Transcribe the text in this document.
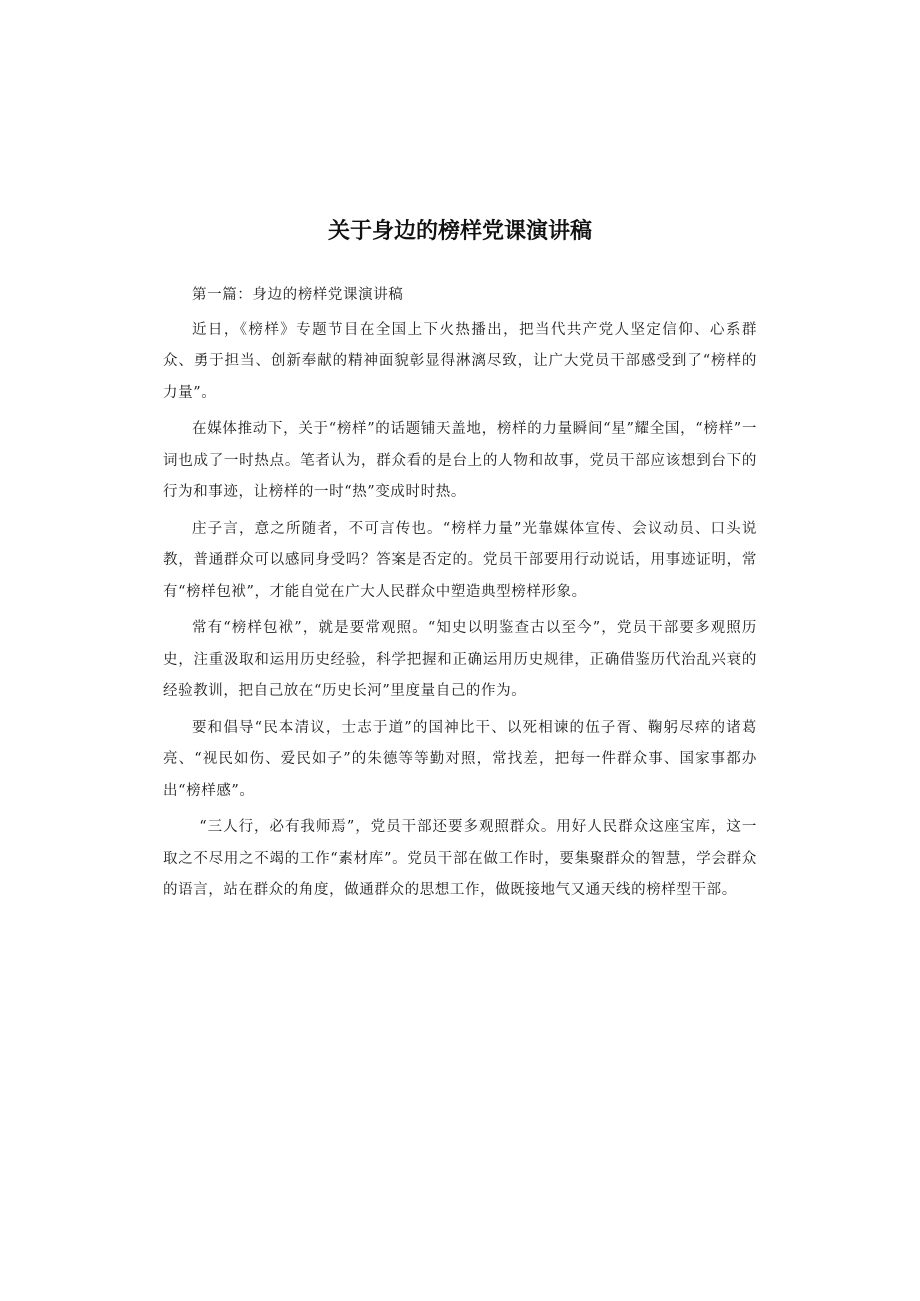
关于身边的榜样党课演讲稿

第一篇：身边的榜样党课演讲稿

近日，《榜样》专题节目在全国上下火热播出，把当代共产党人坚定信仰、心系群众、勇于担当、创新奉献的精神面貌彰显得淋漓尽致，让广大党员干部感受到了“榜样的力量”。

在媒体推动下，关于“榜样”的话题铺天盖地，榜样的力量瞬间“星”耀全国，“榜样”一词也成了一时热点。笔者认为，群众看的是台上的人物和故事，党员干部应该想到台下的行为和事迹，让榜样的一时“热”变成时时热。

庄子言，意之所随者，不可言传也。“榜样力量”光靠媒体宣传、会议动员、口头说教，普通群众可以感同身受吗？答案是否定的。党员干部要用行动说话，用事迹证明，常有“榜样包袱”，才能自觉在广大人民群众中塑造典型榜样形象。

常有“榜样包袱”，就是要常观照。“知史以明鉴查古以至今”，党员干部要多观照历史，注重汲取和运用历史经验，科学把握和正确运用历史规律，正确借鉴历代治乱兴衰的经验教训，把自己放在“历史长河”里度量自己的作为。

要和倡导“民本清议，士志于道”的国神比干、以死相谏的伍子胥、鞠躬尽瘁的诸葛亮、“视民如伤、爱民如子”的朱德等等勤对照，常找差，把每一件群众事、国家事都办出“榜样感”。

“三人行，必有我师焉”，党员干部还要多观照群众。用好人民群众这座宝库，这一取之不尽用之不竭的工作“素材库”。党员干部在做工作时，要集聚群众的智慧，学会群众的语言，站在群众的角度，做通群众的思想工作，做既接地气又通天线的榜样型干部。
